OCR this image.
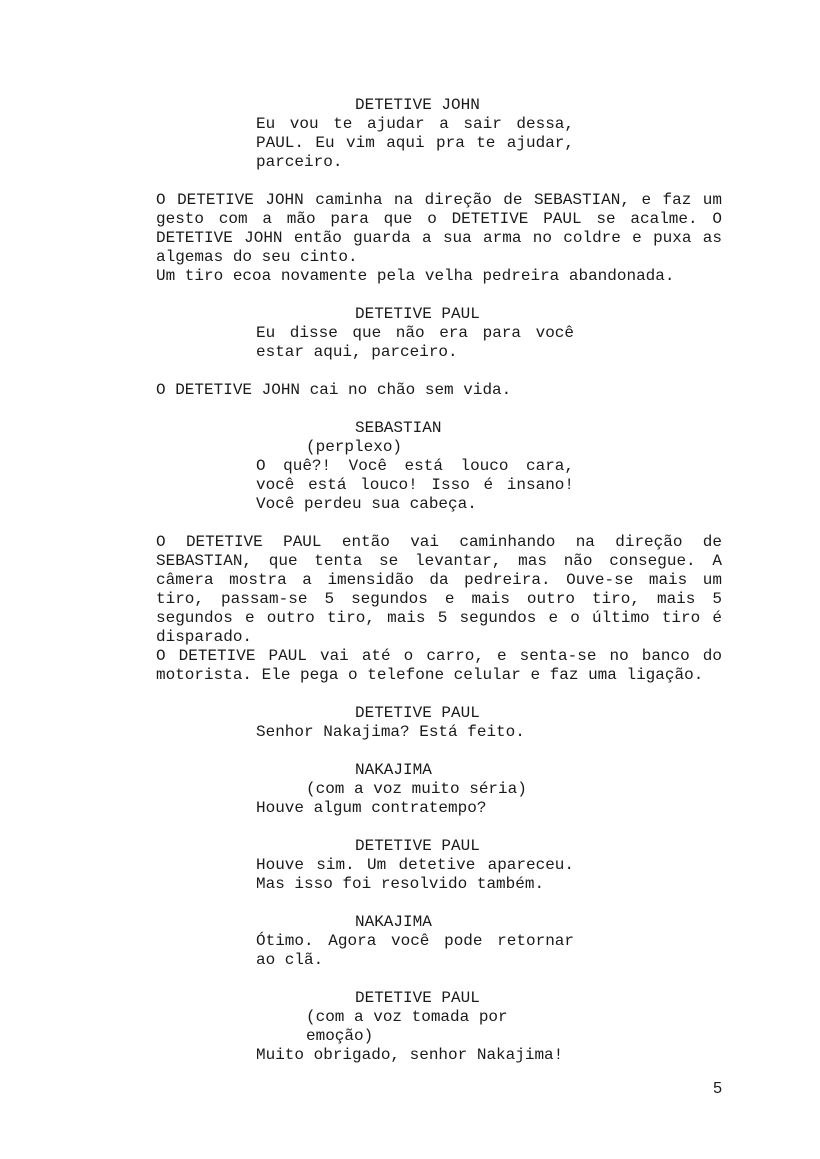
DETETIVE JOHN
Eu vou te ajudar a sair dessa,
PAUL. Eu vim aqui pra te ajudar,
parceiro.
O DETETIVE JOHN caminha na direção de SEBASTIAN, e faz um
gesto com a mão para que o DETETIVE PAUL se acalme. O
DETETIVE JOHN então guarda a sua arma no coldre e puxa as
algemas do seu cinto.
Um tiro ecoa novamente pela velha pedreira abandonada.
DETETIVE PAUL
Eu disse que não era para você
estar aqui, parceiro.
O DETETIVE JOHN cai no chão sem vida.
SEBASTIAN
(perplexo)
O quê?! Você está louco cara,
você está louco! Isso é insano!
Você perdeu sua cabeça.
O DETETIVE PAUL então vai caminhando na direção de
SEBASTIAN, que tenta se levantar, mas não consegue. A
câmera mostra a imensidão da pedreira. Ouve-se mais um
tiro, passam-se 5 segundos e mais outro tiro, mais 5
segundos e outro tiro, mais 5 segundos e o último tiro é
disparado.
O DETETIVE PAUL vai até o carro, e senta-se no banco do
motorista. Ele pega o telefone celular e faz uma ligação.
DETETIVE PAUL
Senhor Nakajima? Está feito.
NAKAJIMA
(com a voz muito séria)
Houve algum contratempo?
DETETIVE PAUL
Houve sim. Um detetive apareceu.
Mas isso foi resolvido também.
NAKAJIMA
Ótimo. Agora você pode retornar
ao clã.
DETETIVE PAUL
(com a voz tomada por
emoção)
Muito obrigado, senhor Nakajima!
5
